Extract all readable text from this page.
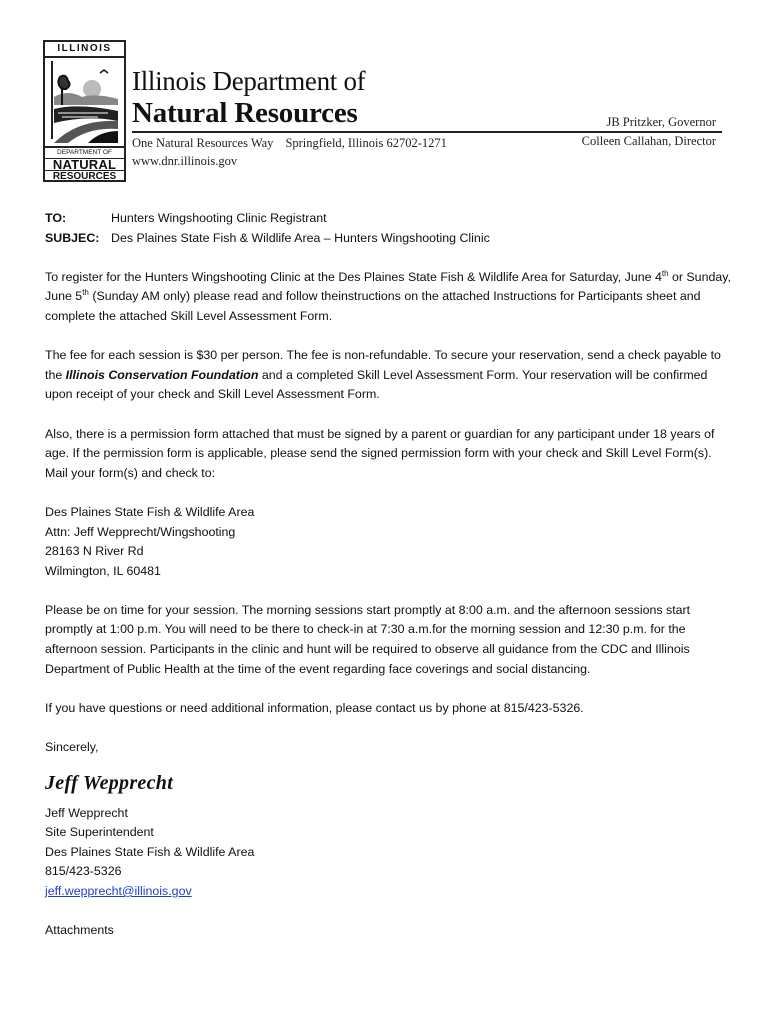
ILLINOIS
DEPARTMENT OF
NATURAL
RESOURCES
Illinois Department of
Natural Resources
One Natural Resources Way Springfield, Illinois 62702-1271
www.dnr.illinois.gov
JB Pritzker, Governor
Colleen Callahan, Director
TO:	Hunters Wingshooting Clinic Registrant
SUBJEC: Des Plaines State Fish & Wildlife Area – Hunters Wingshooting Clinic

To register for the Hunters Wingshooting Clinic at the Des Plaines State Fish & Wildlife Area for Saturday, June 4th or Sunday, June 5th (Sunday AM only) please read and follow theinstructions on the attached Instructions for Participants sheet and complete the attached Skill Level Assessment Form.

The fee for each session is $30 per person. The fee is non-refundable. To secure your reservation, send a check payable to the Illinois Conservation Foundation and a completed Skill Level Assessment Form. Your reservation will be confirmed upon receipt of your check and Skill Level Assessment Form.

Also, there is a permission form attached that must be signed by a parent or guardian for any participant under 18 years of age. If the permission form is applicable, please send the signed permission form with your check and Skill Level Form(s). Mail your form(s) and check to:

Des Plaines State Fish & Wildlife Area
Attn: Jeff Wepprecht/Wingshooting
28163 N River Rd
Wilmington, IL 60481

Please be on time for your session. The morning sessions start promptly at 8:00 a.m. and the afternoon sessions start promptly at 1:00 p.m. You will need to be there to check-in at 7:30 a.m.for the morning session and 12:30 p.m. for the afternoon session. Participants in the clinic and hunt will be required to observe all guidance from the CDC and Illinois Department of Public Health at the time of the event regarding face coverings and social distancing.

If you have questions or need additional information, please contact us by phone at 815/423-5326.

Sincerely,
Jeff Wepprecht
Jeff Wepprecht
Site Superintendent
Des Plaines State Fish & Wildlife Area
815/423-5326
jeff.wepprecht@illinois.gov
Attachments
